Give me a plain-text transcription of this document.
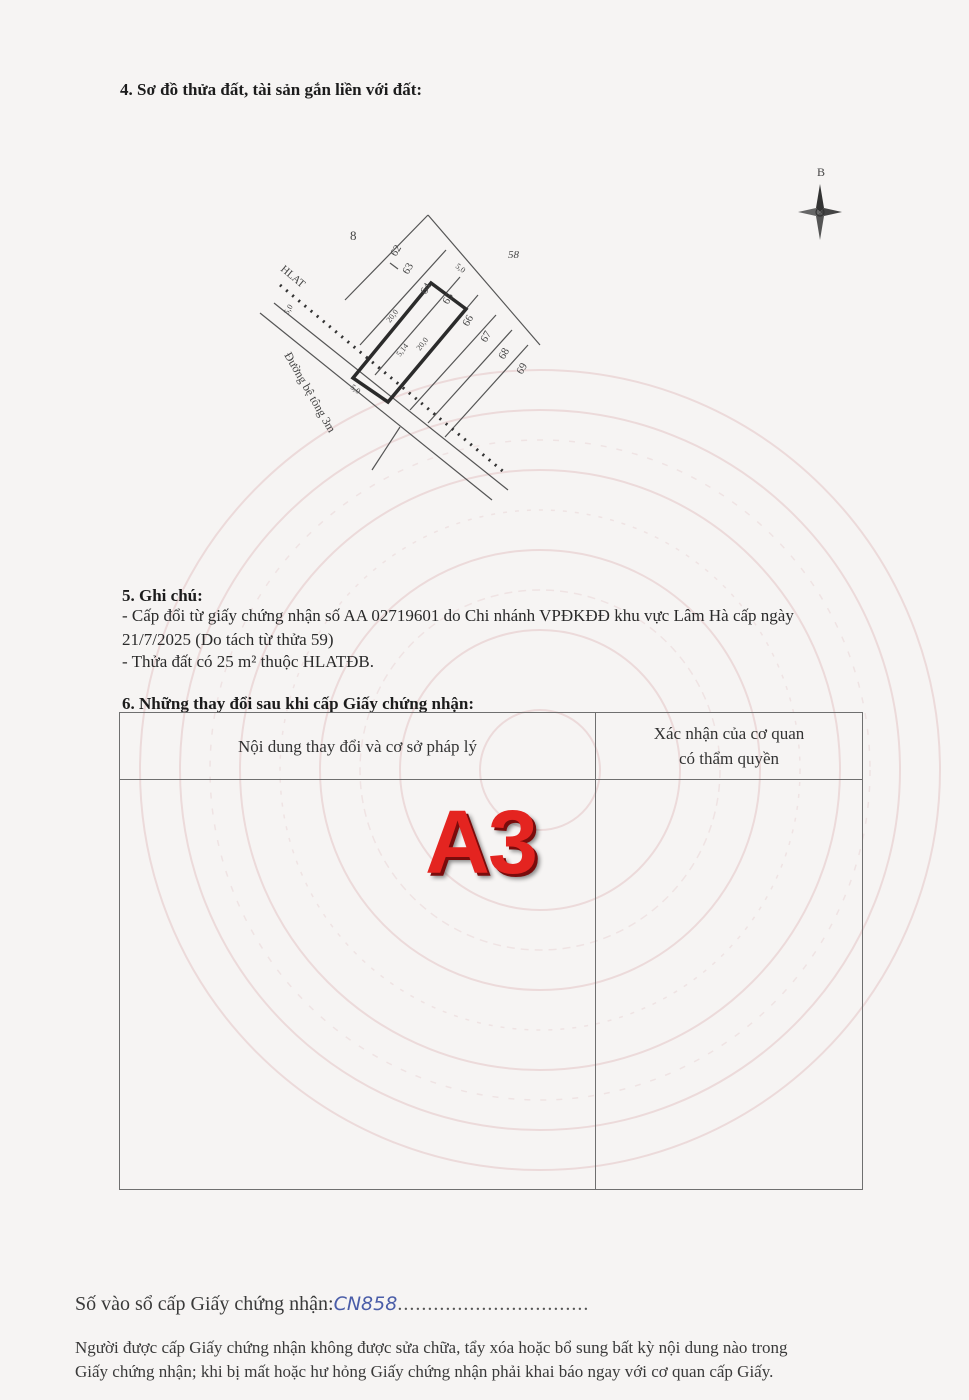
4. Sơ đồ thửa đất, tài sản gắn liền với đất:
B
8
58
HLAT
Đường bệ tông 3m
62
63
64
65
66
67
68
69
5,0
5,0
5,0
20,0
20,0
5,14
5. Ghi chú:
- Cấp đổi từ giấy chứng nhận số AA 02719601 do Chi nhánh VPĐKĐĐ khu vực Lâm Hà cấp ngày
21/7/2025 (Do tách từ thửa 59)
- Thửa đất có 25 m² thuộc HLATĐB.
6. Những thay đổi sau khi cấp Giấy chứng nhận:
Nội dung thay đổi và cơ sở pháp lý	Xác nhận của cơ quan
có thẩm quyền

A3
Số vào sổ cấp Giấy chứng nhận:CN858................................
Người được cấp Giấy chứng nhận không được sửa chữa, tẩy xóa hoặc bổ sung bất kỳ nội dung nào trong
Giấy chứng nhận; khi bị mất hoặc hư hỏng Giấy chứng nhận phải khai báo ngay với cơ quan cấp Giấy.
